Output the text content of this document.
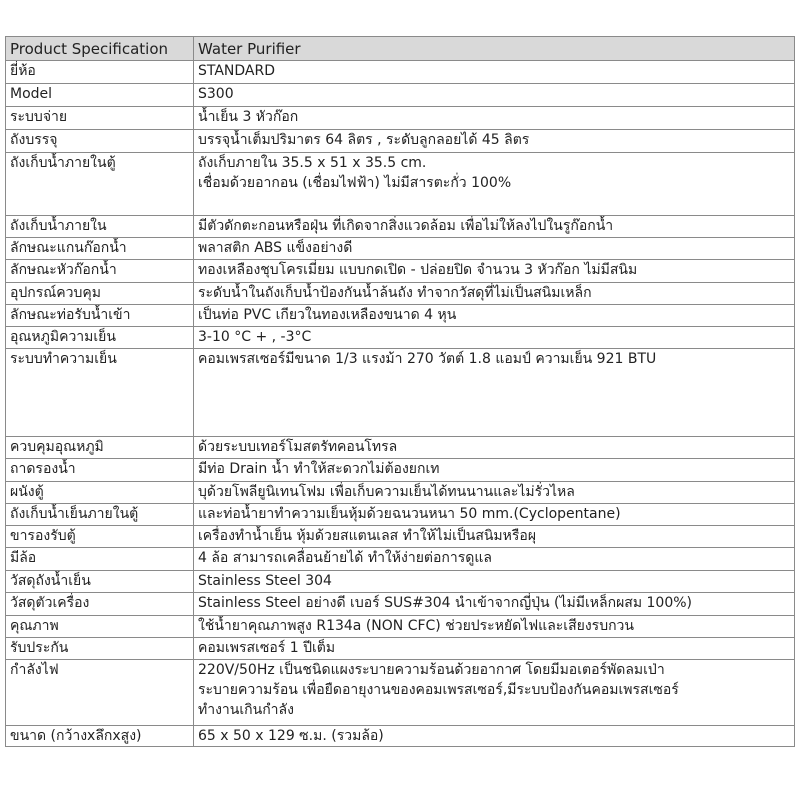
Product Specification	Water Purifier
ยี่ห้อ	STANDARD

Model	S300

ระบบจ่าย	น้ำเย็น 3 หัวก๊อก

ถังบรรจุ	บรรจุน้ำเต็มปริมาตร 64 ลิตร , ระดับลูกลอยได้ 45 ลิตร

ถังเก็บน้ำภายในตู้	ถังเก็บภายใน 35.5 x 51 x 35.5 cm.
เชื่อมด้วยอากอน (เชื่อมไฟฟ้า) ไม่มีสารตะกั่ว 100%

ถังเก็บน้ำภายใน	มีตัวดักตะกอนหรือฝุ่น ที่เกิดจากสิ่งแวดล้อม เพื่อไม่ให้ลงไปในรูก๊อกน้ำ

ลักษณะแกนก๊อกน้ำ	พลาสติก ABS แข็งอย่างดี

ลักษณะหัวก๊อกน้ำ	ทองเหลืองชุบโครเมี่ยม แบบกดเปิด - ปล่อยปิด จำนวน 3 หัวก๊อก ไม่มีสนิม

อุปกรณ์ควบคุม	ระดับน้ำในถังเก็บน้ำป้องกันน้ำล้นถัง ทำจากวัสดุที่ไม่เป็นสนิมเหล็ก

ลักษณะท่อรับน้ำเข้า	เป็นท่อ PVC เกียวในทองเหลืองขนาด 4 หุน

อุณหภูมิความเย็น	3-10 °C + , -3°C

ระบบทำความเย็น	คอมเพรสเซอร์มีขนาด 1/3 แรงม้า 270 วัตต์ 1.8 แอมป์ ความเย็น 921 BTU

ควบคุมอุณหภูมิ	ด้วยระบบเทอร์โมสตรัทคอนโทรล

ถาดรองน้ำ	มีท่อ Drain น้ำ ทำให้สะดวกไม่ต้องยกเท

ผนังตู้	บุด้วยโพลียูนิเทนโฟม เพื่อเก็บความเย็นได้ทนนานและไม่รั่วไหล

ถังเก็บน้ำเย็นภายในตู้	และท่อน้ำยาทำความเย็นหุ้มด้วยฉนวนหนา 50 mm.(Cyclopentane)

ขารองรับตู้	เครื่องทำน้ำเย็น หุ้มด้วยสแตนเลส ทำให้ไม่เป็นสนิมหรือผุ

มีล้อ	4 ล้อ สามารถเคลื่อนย้ายได้ ทำให้ง่ายต่อการดูแล

วัสดุถังน้ำเย็น	Stainless Steel 304

วัสดุตัวเครื่อง	Stainless Steel อย่างดี เบอร์ SUS#304 นำเข้าจากญี่ปุ่น (ไม่มีเหล็กผสม 100%)

คุณภาพ	ใช้น้ำยาคุณภาพสูง R134a (NON CFC) ช่วยประหยัดไฟและเสียงรบกวน

รับประกัน	คอมเพรสเซอร์ 1 ปีเต็ม

กำลังไฟ	220V/50Hz เป็นชนิดแผงระบายความร้อนด้วยอากาศ โดยมีมอเตอร์พัดลมเป่า
ระบายความร้อน เพื่อยืดอายุงานของคอมเพรสเซอร์,มีระบบป้องกันคอมเพรสเซอร์
ทำงานเกินกำลัง

ขนาด (กว้างxลึกxสูง)	65 x 50 x 129 ซ.ม. (รวมล้อ)
